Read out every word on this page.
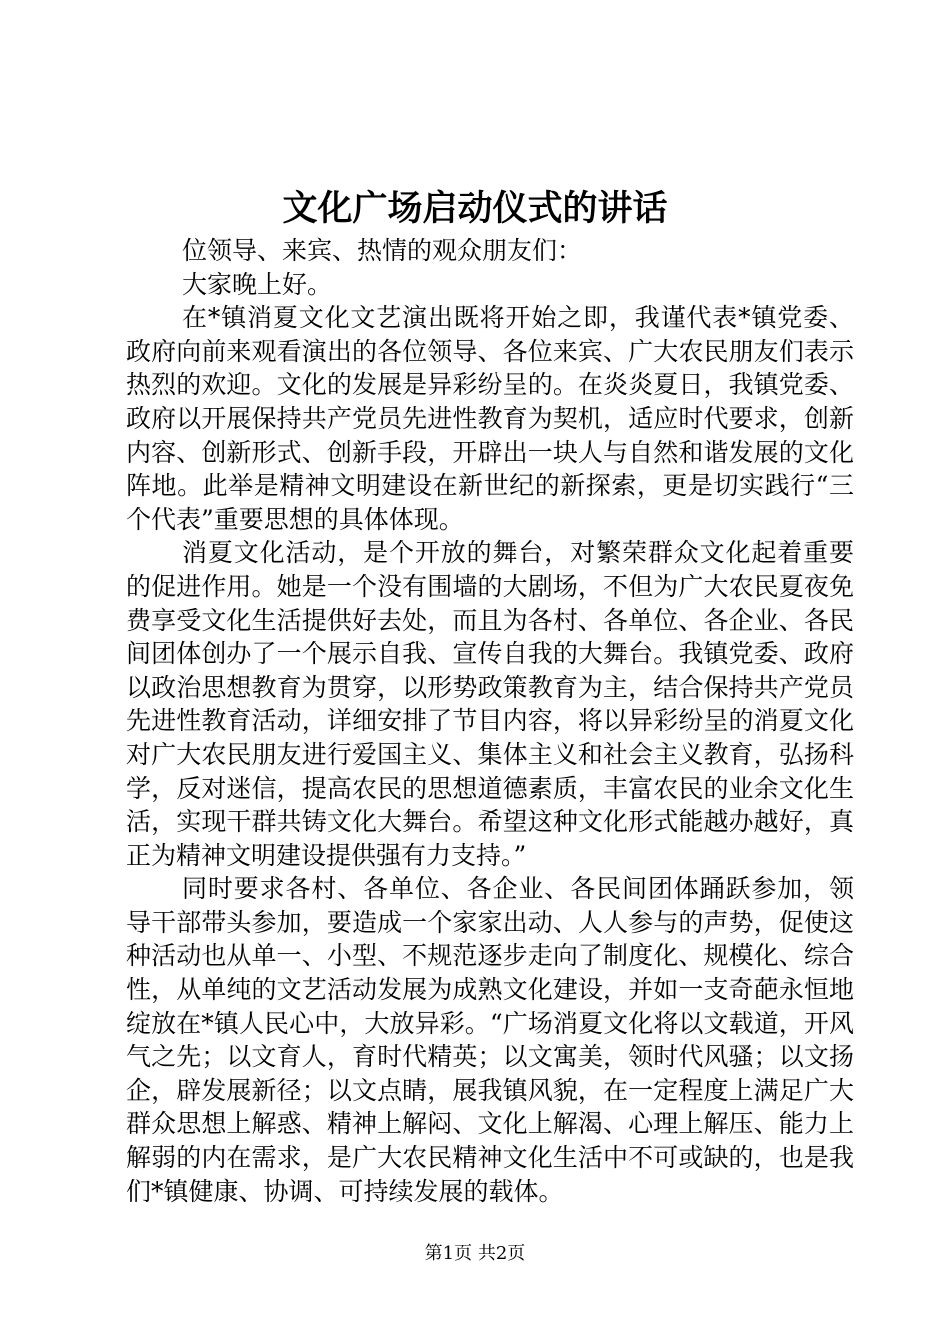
文化广场启动仪式的讲话

位领导、来宾、热情的观众朋友们：

大家晚上好。

在*镇消夏文化文艺演出既将开始之即，我谨代表*镇党委、政府向前来观看演出的各位领导、各位来宾、广大农民朋友们表示热烈的欢迎。文化的发展是异彩纷呈的。在炎炎夏日，我镇党委、政府以开展保持共产党员先进性教育为契机，适应时代要求，创新内容、创新形式、创新手段，开辟出一块人与自然和谐发展的文化阵地。此举是精神文明建设在新世纪的新探索，更是切实践行“三个代表”重要思想的具体体现。

消夏文化活动，是个开放的舞台，对繁荣群众文化起着重要的促进作用。她是一个没有围墙的大剧场，不但为广大农民夏夜免费享受文化生活提供好去处，而且为各村、各单位、各企业、各民间团体创办了一个展示自我、宣传自我的大舞台。我镇党委、政府以政治思想教育为贯穿，以形势政策教育为主，结合保持共产党员先进性教育活动，详细安排了节目内容，将以异彩纷呈的消夏文化对广大农民朋友进行爱国主义、集体主义和社会主义教育，弘扬科学，反对迷信，提高农民的思想道德素质，丰富农民的业余文化生活，实现干群共铸文化大舞台。希望这种文化形式能越办越好，真正为精神文明建设提供强有力支持。”

同时要求各村、各单位、各企业、各民间团体踊跃参加，领导干部带头参加，要造成一个家家出动、人人参与的声势，促使这种活动也从单一、小型、不规范逐步走向了制度化、规模化、综合性，从单纯的文艺活动发展为成熟文化建设，并如一支奇葩永恒地绽放在*镇人民心中，大放异彩。“广场消夏文化将以文载道，开风气之先；以文育人，育时代精英；以文寓美，领时代风骚；以文扬企，辟发展新径；以文点睛，展我镇风貌，在一定程度上满足广大群众思想上解惑、精神上解闷、文化上解渴、心理上解压、能力上解弱的内在需求，是广大农民精神文化生活中不可或缺的，也是我们*镇健康、协调、可持续发展的载体。

第1页 共2页
